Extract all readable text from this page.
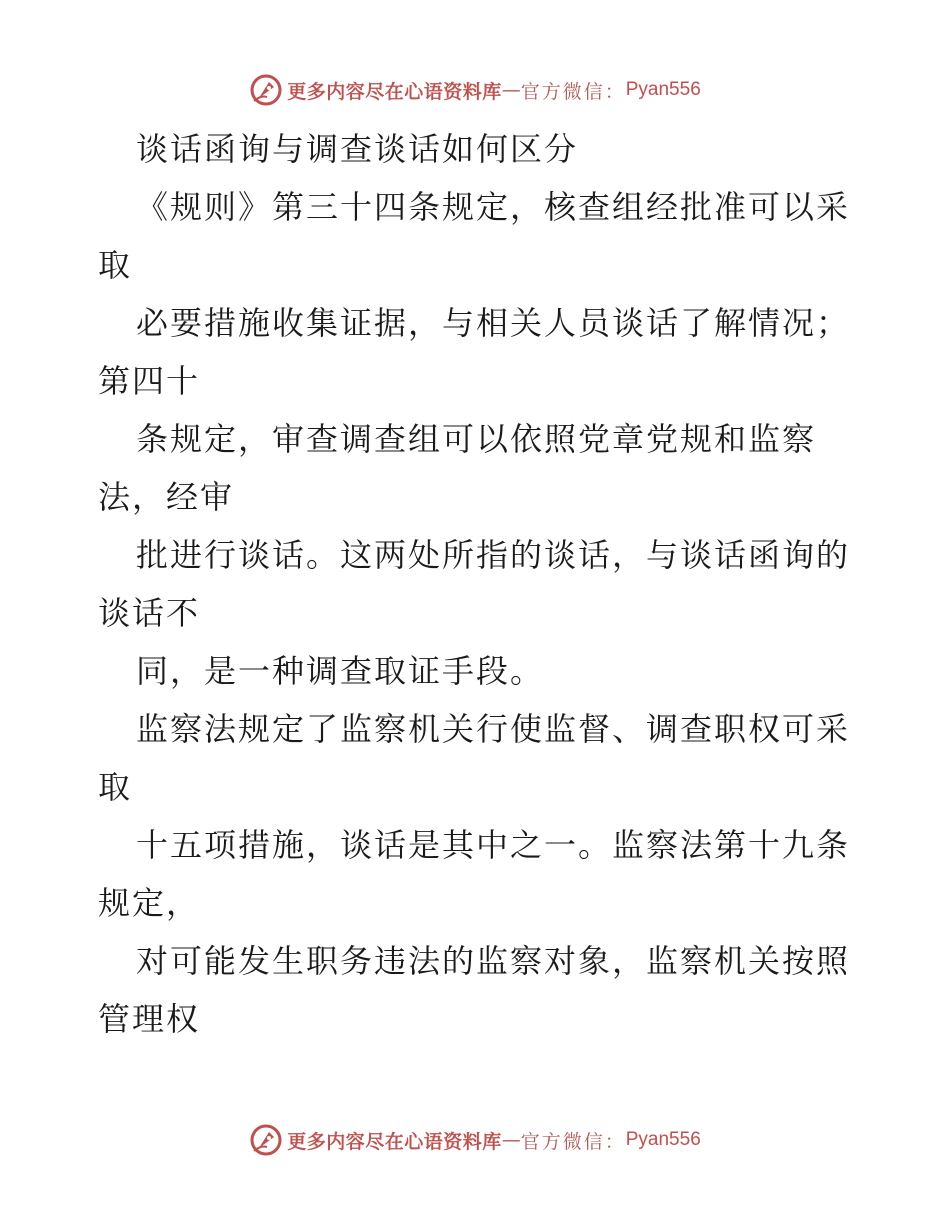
更多内容尽在心语资料库 — 官方微信： Pyan556
谈话函询与调查谈话如何区分
《规则》第三十四条规定，核查组经批准可以采
取
必要措施收集证据，与相关人员谈话了解情况；
第四十
条规定，审查调查组可以依照党章党规和监察
法，经审
批进行谈话。这两处所指的谈话，与谈话函询的
谈话不
同，是一种调查取证手段。
监察法规定了监察机关行使监督、调查职权可采
取
十五项措施，谈话是其中之一。监察法第十九条
规定，
对可能发生职务违法的监察对象，监察机关按照
管理权
更多内容尽在心语资料库 — 官方微信： Pyan556
